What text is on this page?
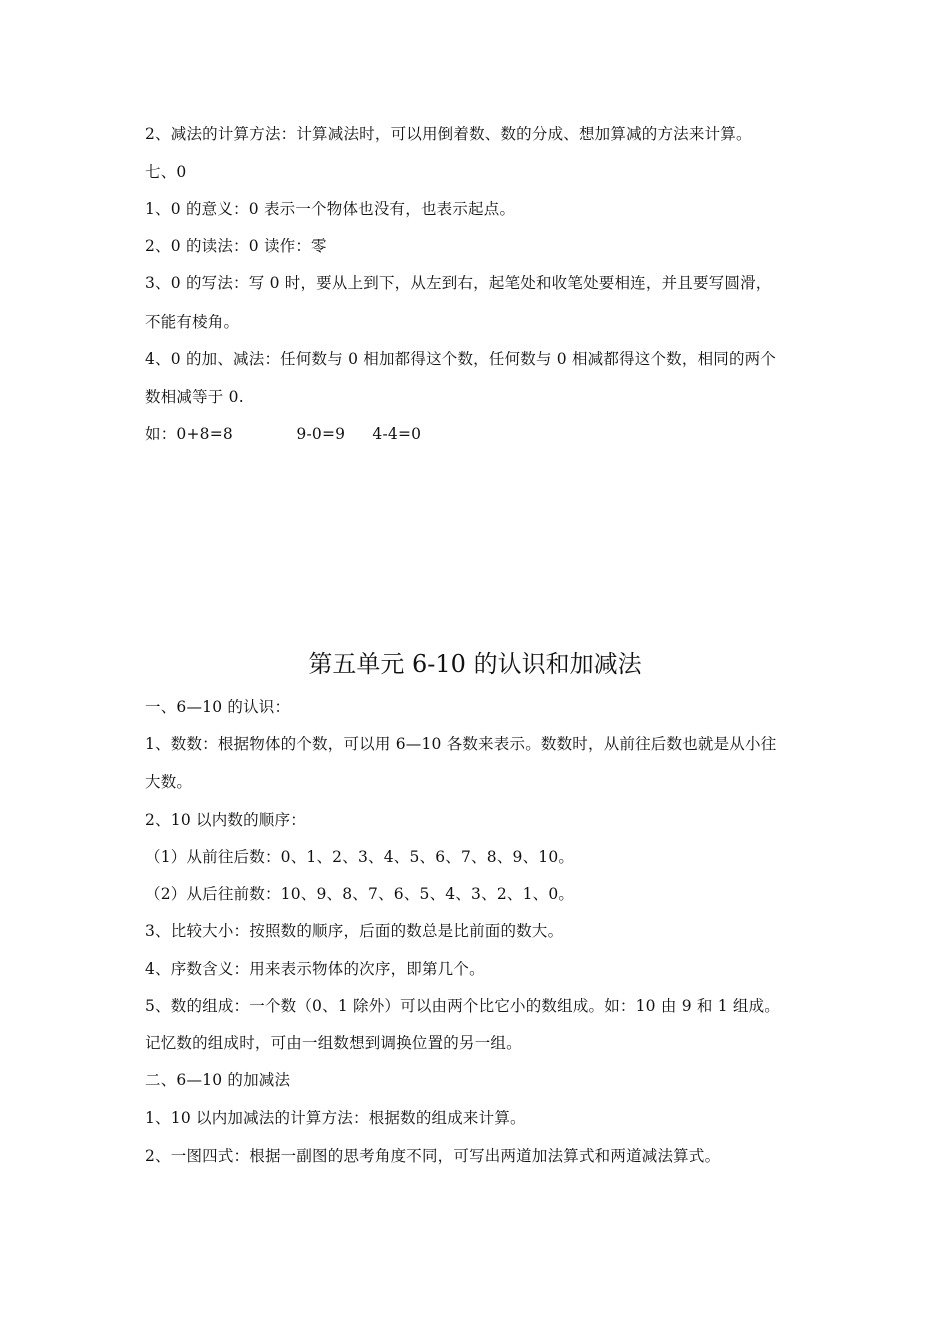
2、减法的计算方法：计算减法时，可以用倒着数、数的分成、想加算减的方法来计算。
七、0
1、0 的意义：0 表示一个物体也没有，也表示起点。
2、0 的读法：0 读作：零
3、0 的写法：写 0 时，要从上到下，从左到右，起笔处和收笔处要相连，并且要写圆滑，
不能有棱角。
4、0 的加、减法：任何数与 0 相加都得这个数，任何数与 0 相减都得这个数，相同的两个
数相减等于 0.
如：0+8=8	9-0=9 4-4=0
第五单元 6-10 的认识和加减法
一、6—10 的认识：
1、数数：根据物体的个数，可以用 6—10 各数来表示。数数时，从前往后数也就是从小往
大数。
2、10 以内数的顺序：
（1）从前往后数：0、1、2、3、4、5、6、7、8、9、10。
（2）从后往前数：10、9、8、7、6、5、4、3、2、1、0。
3、比较大小：按照数的顺序，后面的数总是比前面的数大。
4、序数含义：用来表示物体的次序，即第几个。
5、数的组成：一个数（0、1 除外）可以由两个比它小的数组成。如：10 由 9 和 1 组成。
记忆数的组成时，可由一组数想到调换位置的另一组。
二、6—10 的加减法
1、10 以内加减法的计算方法：根据数的组成来计算。
2、一图四式：根据一副图的思考角度不同，可写出两道加法算式和两道减法算式。
